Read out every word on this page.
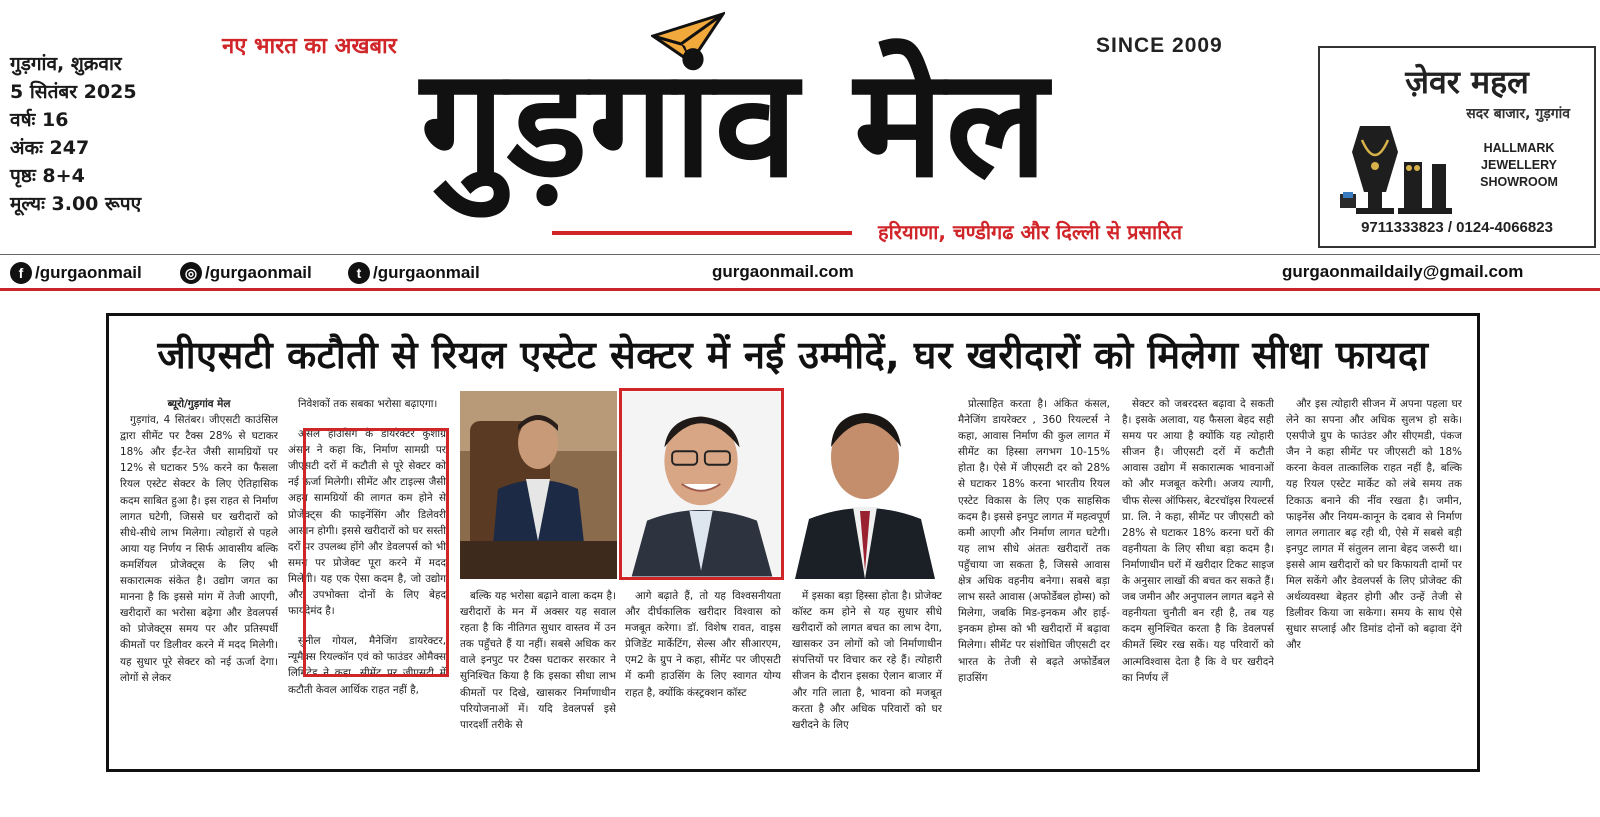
गुड़गांव, शुक्रवार
5 सितंबर 2025
वर्षः 16
अंकः 247
पृष्ठः 8+4
मूल्यः 3.00 रूपए
नए भारत का अखबार	SINCE 2009
गुड़गांव मेल
हरियाणा, चण्डीगढ और दिल्ली से प्रसारित
ज़ेवर महल
सदर बाजार, गुड़गांव
HALLMARK
JEWELLERY
SHOWROOM
9711333823 / 0124-4066823
f /gurgaonmail	◎ /gurgaonmail	t /gurgaonmail	gurgaonmail.com	gurgaonmaildaily@gmail.com
जीएसटी कटौती से रियल एस्टेट सेक्टर में नई उम्मीदें, घर खरीदारों को मिलेगा सीधा फायदा

ब्यूरो/गुड़गांव मेल

गुड़गांव, 4 सितंबर। जीएसटी काउंसिल द्वारा सीमेंट पर टैक्स 28% से घटाकर 18% और ईंट-रेत जैसी सामग्रियों पर 12% से घटाकर 5% करने का फैसला रियल एस्टेट सेक्टर के लिए ऐतिहासिक कदम साबित हुआ है। इस राहत से निर्माण लागत घटेगी, जिससे घर खरीदारों को सीधे-सीधे लाभ मिलेगा। त्योहारों से पहले आया यह निर्णय न सिर्फ आवासीय बल्कि कमर्शियल प्रोजेक्ट्स के लिए भी सकारात्मक संकेत है। उद्योग जगत का मानना है कि इससे मांग में तेजी आएगी, खरीदारों का भरोसा बढ़ेगा और डेवलपर्स को प्रोजेक्ट्स समय पर और प्रतिस्पर्धी कीमतों पर डिलीवर करने में मदद मिलेगी। यह सुधार पूरे सेक्टर को नई ऊर्जा देगा। लोगों से लेकर

निवेशकों तक सबका भरोसा बढ़ाएगा।

अंसल हाउसिंग के डायरेक्टर कुशाग्र अंसल ने कहा कि, निर्माण सामग्री पर जीएसटी दरों में कटौती से पूरे सेक्टर को नई ऊर्जा मिलेगी। सीमेंट और टाइल्स जैसी अहम सामग्रियों की लागत कम होने से प्रोजेक्ट्स की फाइनेंसिंग और डिलेवरी आसान होगी। इससे खरीदारों को घर सस्ती दरों पर उपलब्ध होंगे और डेवलपर्स को भी समय पर प्रोजेक्ट पूरा करने में मदद मिलेगी। यह एक ऐसा कदम है, जो उद्योग और उपभोक्ता दोनों के लिए बेहद फायदेमंद है।

सुनील गोयल, मैनेजिंग डायरेक्टर, न्यूमैक्स रियल्कॉन एवं को फाउंडर ओमैक्स लिमिटेड ने कहा, सीमेंट पर जीएसटी में कटौती केवल आर्थिक राहत नहीं है,

बल्कि यह भरोसा बढ़ाने वाला कदम है। खरीदारों के मन में अक्सर यह सवाल रहता है कि नीतिगत सुधार वास्तव में उन तक पहुँचते हैं या नहीं। सबसे अधिक कर वाले इनपुट पर टैक्स घटाकर सरकार ने सुनिश्चित किया है कि इसका सीधा लाभ कीमतों पर दिखे, खासकर निर्माणाधीन परियोजनाओं में। यदि डेवलपर्स इसे पारदर्शी तरीके से

आगे बढ़ाते हैं, तो यह विश्वसनीयता और दीर्घकालिक खरीदार विश्वास को मजबूत करेगा। डॉ. विशेष रावत, वाइस प्रेजिडेंट मार्केटिंग, सेल्स और सीआरएम, एम2 के ग्रुप ने कहा, सीमेंट पर जीएसटी में कमी हाउसिंग के लिए स्वागत योग्य राहत है, क्योंकि कंस्ट्रक्शन कॉस्ट

में इसका बड़ा हिस्सा होता है। प्रोजेक्ट कॉस्ट कम होने से यह सुधार सीधे खरीदारों को लागत बचत का लाभ देगा, खासकर उन लोगों को जो निर्माणाधीन संपत्तियों पर विचार कर रहे हैं। त्योहारी सीजन के दौरान इसका ऐलान बाजार में और गति लाता है, भावना को मजबूत करता है और अधिक परिवारों को घर खरीदने के लिए

प्रोत्साहित करता है। अंकित कंसल, मैनेजिंग डायरेक्टर , 360 रियल्टर्स ने कहा, आवास निर्माण की कुल लागत में सीमेंट का हिस्सा लगभग 10-15% होता है। ऐसे में जीएसटी दर को 28% से घटाकर 18% करना भारतीय रियल एस्टेट विकास के लिए एक साहसिक कदम है। इससे इनपुट लागत में महत्वपूर्ण कमी आएगी और निर्माण लागत घटेगी। यह लाभ सीधे अंततः खरीदारों तक पहुँचाया जा सकता है, जिससे आवास क्षेत्र अधिक वहनीय बनेगा। सबसे बड़ा लाभ सस्ते आवास (अफोर्डेबल होम्स) को मिलेगा, जबकि मिड-इनकम और हाई-इनकम होम्स को भी खरीदारों में बढ़ावा मिलेगा। सीमेंट पर संशोधित जीएसटी दर भारत के तेजी से बढ़ते अफोर्डेबल हाउसिंग

सेक्टर को जबरदस्त बढ़ावा दे सकती है। इसके अलावा, यह फैसला बेहद सही समय पर आया है क्योंकि यह त्योहारी सीजन है। जीएसटी दरों में कटौती आवास उद्योग में सकारात्मक भावनाओं को और मजबूत करेगी। अजय त्यागी, चीफ सेल्स ऑफिसर, बेटरचॉइस रियल्टर्स प्रा. लि. ने कहा, सीमेंट पर जीएसटी को 28% से घटाकर 18% करना घरों की वहनीयता के लिए सीधा बड़ा कदम है। निर्माणाधीन घरों में खरीदार टिकट साइज के अनुसार लाखों की बचत कर सकते हैं। जब जमीन और अनुपालन लागत बढ़ने से वहनीयता चुनौती बन रही है, तब यह कदम सुनिश्चित करता है कि डेवलपर्स कीमतें स्थिर रख सकें। यह परिवारों को आत्मविश्वास देता है कि वे घर खरीदने का निर्णय लें

और इस त्योहारी सीजन में अपना पहला घर लेने का सपना और अधिक सुलभ हो सके। एसपीजे ग्रुप के फाउंडर और सीएमडी, पंकज जैन ने कहा सीमेंट पर जीएसटी को 18% करना केवल तात्कालिक राहत नहीं है, बल्कि यह रियल एस्टेट मार्केट को लंबे समय तक टिकाऊ बनाने की नींव रखता है। जमीन, फाइनेंस और नियम-कानून के दबाव से निर्माण लागत लगातार बढ़ रही थी, ऐसे में सबसे बड़ी इनपुट लागत में संतुलन लाना बेहद जरूरी था। इससे आम खरीदारों को घर किफायती दामों पर मिल सकेंगे और डेवलपर्स के लिए प्रोजेक्ट की अर्थव्यवस्था बेहतर होगी और उन्हें तेजी से डिलीवर किया जा सकेगा। समय के साथ ऐसे सुधार सप्लाई और डिमांड दोनों को बढ़ावा देंगे और
